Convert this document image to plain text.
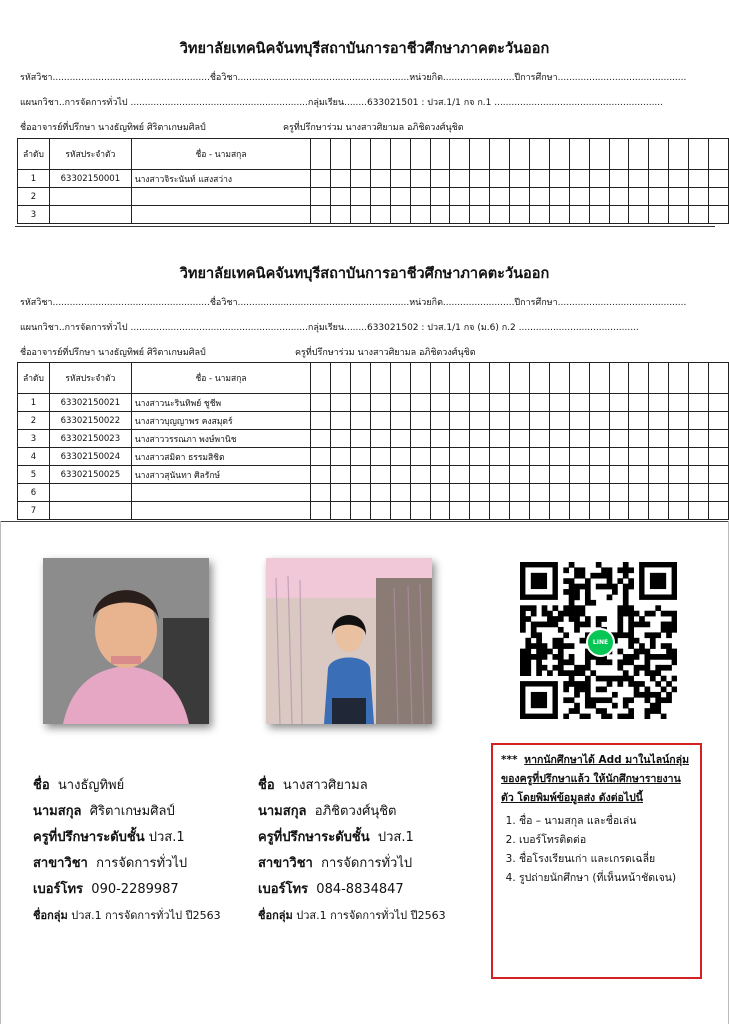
วิทยาลัยเทคนิคจันทบุรีสถาบันการอาชีวศึกษาภาคตะวันออก
รหัสวิชา.......................................................ชื่อวิชา............................................................หน่วยกิต.........................ปีการศึกษา.............................................
แผนกวิชา..การจัดการทั่วไป ..............................................................กลุ่มเรียน........633021501 : ปวส.1/1 กจ ก.1 ...........................................................
ชื่ออาจารย์ที่ปรึกษา นางธัญทิพย์ ศิริตาเกษมศิลป์	ครูที่ปรึกษาร่วม นางสาวศิยามล อภิชิตวงศ์นุชิต
ลำดับ	รหัสประจำตัว	ชื่อ - นามสกุล																					
1	63302150001	นางสาวจิระนันท์ แสงสว่าง																					
2																							
3																							
วิทยาลัยเทคนิคจันทบุรีสถาบันการอาชีวศึกษาภาคตะวันออก
รหัสวิชา.......................................................ชื่อวิชา............................................................หน่วยกิต.........................ปีการศึกษา.............................................
แผนกวิชา..การจัดการทั่วไป ..............................................................กลุ่มเรียน........633021502 : ปวส.1/1 กจ (ม.6) ก.2 ..........................................
ชื่ออาจารย์ที่ปรึกษา นางธัญทิพย์ ศิริตาเกษมศิลป์	ครูที่ปรึกษาร่วม นางสาวศิยามล อภิชิตวงศ์นุชิต
ลำดับ	รหัสประจำตัว	ชื่อ - นามสกุล																					
1	63302150021	นางสาวนะรินทิพย์ ชูชีพ																					
2	63302150022	นางสาวบุญญาพร คงสมุตร์																					
3	63302150023	นางสาววรรณภา พงษ์พานิช																					
4	63302150024	นางสาวสมิตา ธรรมสิชิต																					
5	63302150025	นางสาวสุนันทา ศิลรักษ์																					
6																							
7																							
LINE
ชื่อ นางธัญทิพย์
นามสกุล ศิริตาเกษมศิลป์
ครูที่ปรึกษาระดับชั้น ปวส.1
สาขาวิชา การจัดการทั่วไป
เบอร์โทร 090-2289987
ชื่อกลุ่ม ปวส.1 การจัดการทั่วไป ปี2563
ชื่อ นางสาวศิยามล
นามสกุล อภิชิตวงศ์นุชิต
ครูที่ปรึกษาระดับชั้น ปวส.1
สาขาวิชา การจัดการทั่วไป
เบอร์โทร 084-8834847
ชื่อกลุ่ม ปวส.1 การจัดการทั่วไป ปี2563
*** หากนักศึกษาได้ Add มาในไลน์กลุ่มของครูที่ปรึกษาแล้ว ให้นักศึกษารายงานตัว โดยพิมพ์ข้อมูลส่ง ดังต่อไปนี้
1. ชื่อ – นามสกุล และชื่อเล่น
2. เบอร์โทรติดต่อ
3. ชื่อโรงเรียนเก่า และเกรดเฉลี่ย
4. รูปถ่ายนักศึกษา (ที่เห็นหน้าชัดเจน)
